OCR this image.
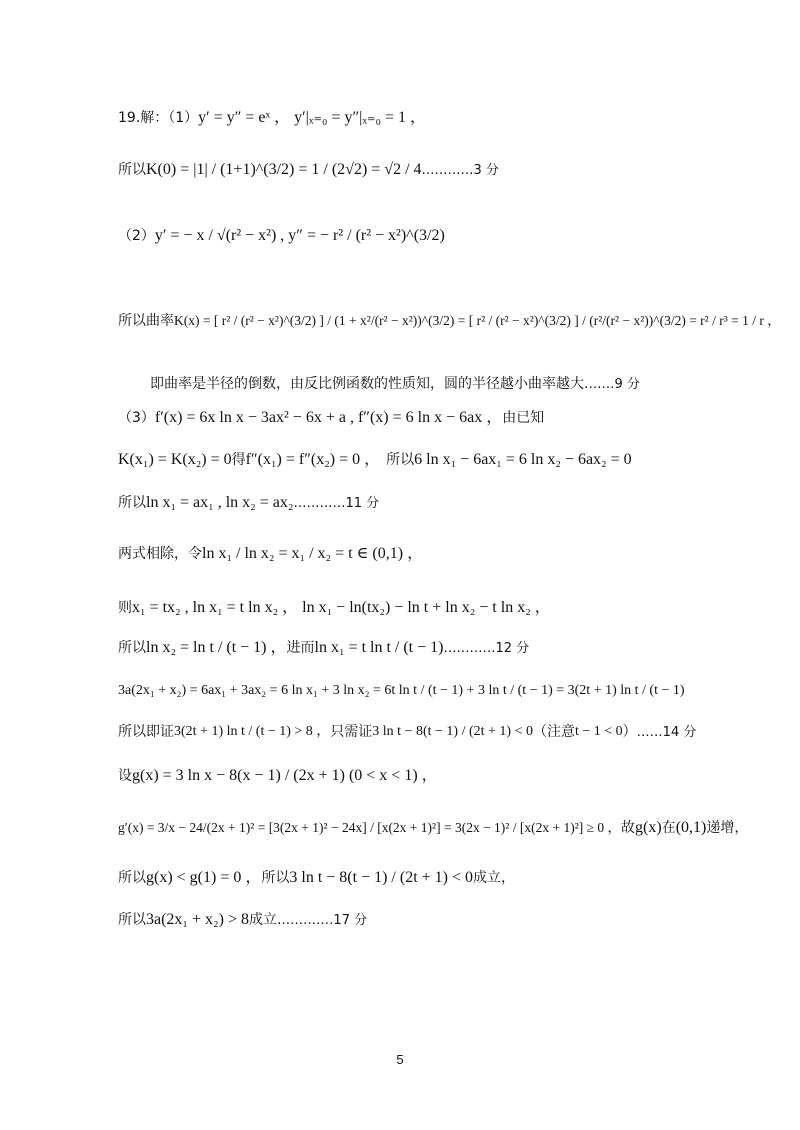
19.解：（1） y′ = y″ = eˣ ， y′|ₓ₌₀ = y″|ₓ₌₀ = 1 ，
所以 K(0) = |1| / (1+1)^(3/2) = 1 / (2√2) = √2 / 4 …………3 分
（2） y′ = − x / √(r² − x²) , y″ = − r² / (r² − x²)^(3/2)
所以曲率 K(x) = [ r² / (r² − x²)^(3/2) ] / (1 + x²/(r² − x²))^(3/2) = [ r² / (r² − x²)^(3/2) ] / (r²/(r² − x²))^(3/2) = r² / r³ = 1 / r ，
即曲率是半径的倒数，由反比例函数的性质知，圆的半径越小曲率越大. ……9 分
（3） f′(x) = 6x ln x − 3ax² − 6x + a , f″(x) = 6 ln x − 6ax ， 由已知
K(x₁) = K(x₂) = 0 得 f″(x₁) = f″(x₂) = 0 ， 所以 6 ln x₁ − 6ax₁ = 6 ln x₂ − 6ax₂ = 0
所以 ln x₁ = ax₁ , ln x₂ = ax₂ …………11 分
两式相除，令 ln x₁ / ln x₂ = x₁ / x₂ = t ∈ (0,1) ，
则 x₁ = tx₂ , ln x₁ = t ln x₂ ， ln x₁ − ln(tx₂) − ln t + ln x₂ − t ln x₂ ，
所以 ln x₂ = ln t / (t − 1) ， 进而 ln x₁ = t ln t / (t − 1) …………12 分
3a(2x₁ + x₂) = 6ax₁ + 3ax₂ = 6 ln x₁ + 3 ln x₂ = 6t ln t / (t − 1) + 3 ln t / (t − 1) = 3(2t + 1) ln t / (t − 1)
所以即证 3(2t + 1) ln t / (t − 1) > 8 ， 只需证 3 ln t − 8(t − 1) / (2t + 1) < 0 （注意 t − 1 < 0 ） ……14 分
设 g(x) = 3 ln x − 8(x − 1) / (2x + 1) (0 < x < 1) ，
g′(x) = 3/x − 24/(2x + 1)² = [3(2x + 1)² − 24x] / [x(2x + 1)²] = 3(2x − 1)² / [x(2x + 1)²] ≥ 0 ， 故 g(x) 在 (0,1) 递增，
所以 g(x) < g(1) = 0 ， 所以 3 ln t − 8(t − 1) / (2t + 1) < 0 成立，
所以 3a(2x₁ + x₂) > 8 成立. …………17 分
5
